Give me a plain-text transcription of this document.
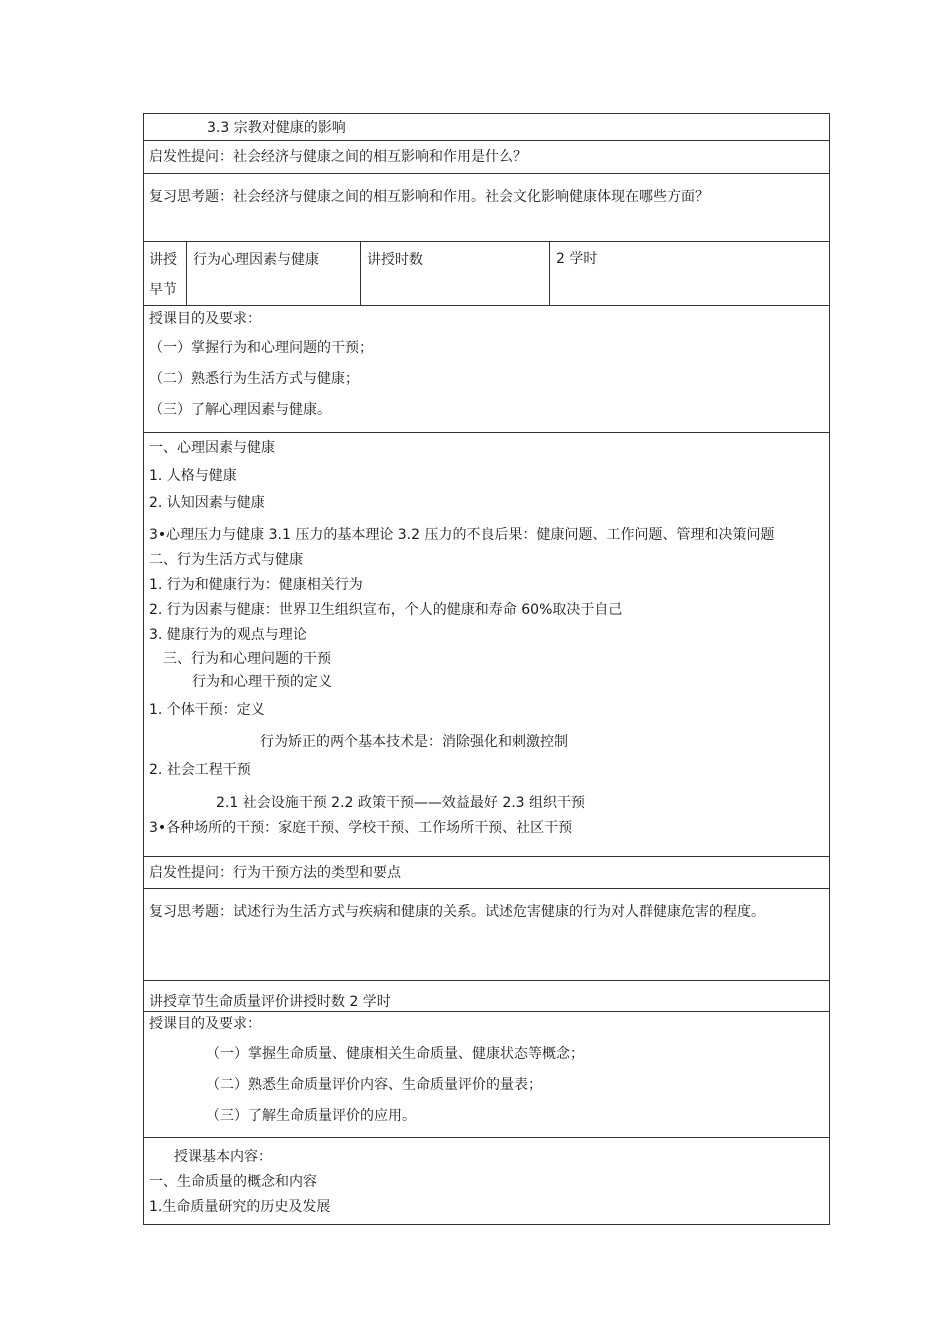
3.3 宗教对健康的影响
启发性提问：社会经济与健康之间的相互影响和作用是什么？
复习思考题：社会经济与健康之间的相互影响和作用。社会文化影响健康体现在哪些方面？
讲授
早节
行为心理因素与健康	讲授时数	2 学时
授课目的及要求：
（一）掌握行为和心理问题的干预；
（二）熟悉行为生活方式与健康；
（三）了解心理因素与健康。
一、心理因素与健康
1. 人格与健康
2. 认知因素与健康
3•心理压力与健康 3.1 压力的基本理论 3.2 压力的不良后果：健康问题、工作问题、管理和决策问题
二、行为生活方式与健康
1. 行为和健康行为：健康相关行为
2. 行为因素与健康：世界卫生组织宣布，个人的健康和寿命 60%取决于自己
3. 健康行为的观点与理论
三、行为和心理问题的干预
行为和心理干预的定义
1. 个体干预：定义
行为矫正的两个基本技术是：消除强化和刺激控制
2. 社会工程干预
2.1 社会设施干预 2.2 政策干预——效益最好 2.3 组织干预
3•各种场所的干预：家庭干预、学校干预、工作场所干预、社区干预
启发性提问：行为干预方法的类型和要点
复习思考题：试述行为生活方式与疾病和健康的关系。试述危害健康的行为对人群健康危害的程度。
讲授章节生命质量评价讲授时数 2 学时
授课目的及要求：
（一）掌握生命质量、健康相关生命质量、健康状态等概念；
（二）熟悉生命质量评价内容、生命质量评价的量表；
（三）了解生命质量评价的应用。
授课基本内容：
一、生命质量的概念和内容
1.生命质量研究的历史及发展
